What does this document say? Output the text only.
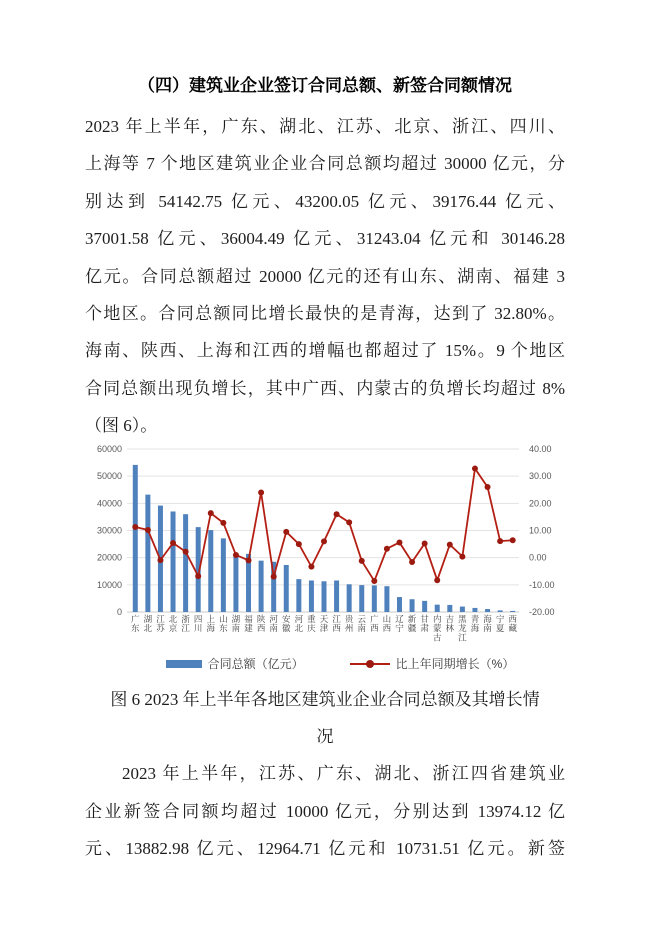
（四）建筑业企业签订合同总额、新签合同额情况
2023 年上半年，广东、湖北、江苏、北京、浙江、四川、
上海等 7 个地区建筑业企业合同总额均超过 30000 亿元，分
别达到 54142.75 亿元、43200.05 亿元、39176.44 亿元、
37001.58 亿元、36004.49 亿元、31243.04 亿元和 30146.28
亿元。合同总额超过 20000 亿元的还有山东、湖南、福建 3
个地区。合同总额同比增长最快的是青海，达到了 32.80%。
海南、陕西、上海和江西的增幅也都超过了 15%。9 个地区
合同总额出现负增长，其中广西、内蒙古的负增长均超过 8%
（图 6）。
0
10000
20000
30000
40000
50000
60000
-20.00
-10.00
0.00
10.00
20.00
30.00
40.00
广东
湖北
江苏
北京
浙江
四川
上海
山东
湖南
福建
陕西
河南
安徽
河北
重庆
天津
江西
贵州
云南
广西
山西
辽宁
新疆
甘肃
内蒙古
吉林
黑龙江
青海
海南
宁夏
西藏
合同总额（亿元）	比上年同期增长（%）
图 6 2023 年上半年各地区建筑业企业合同总额及其增长情
况
2023 年上半年，江苏、广东、湖北、浙江四省建筑业
企业新签合同额均超过 10000 亿元，分别达到 13974.12 亿
元、13882.98 亿元、12964.71 亿元和 10731.51 亿元。新签
